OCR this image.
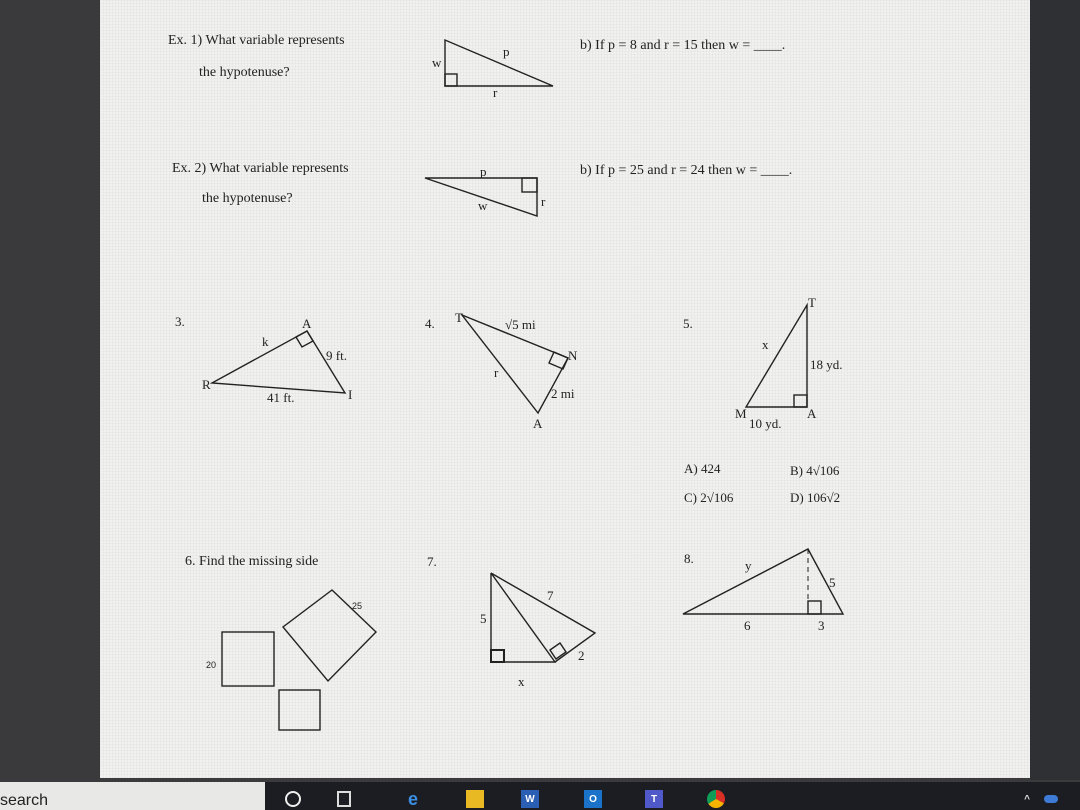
Ex. 1) What variable represents
the hypotenuse?
b) If p = 8 and r = 15 then w = ____.
Ex. 2) What variable represents
the hypotenuse?
b) If p = 25 and r = 24 then w = ____.
A) 424	B) 4√106
C) 2√106	D) 106√2
6. Find the missing side
w
p
r
p
w	r
3.
R
A
I
k
9 ft.
41 ft.
4. T
N
A
√5 mi
2 mi
r
5.
T
M	A
x
18 yd.
10 yd.
20
25
7.
5
7
x
2
8.	y
5
6	3
search	e	W	O	T	^
